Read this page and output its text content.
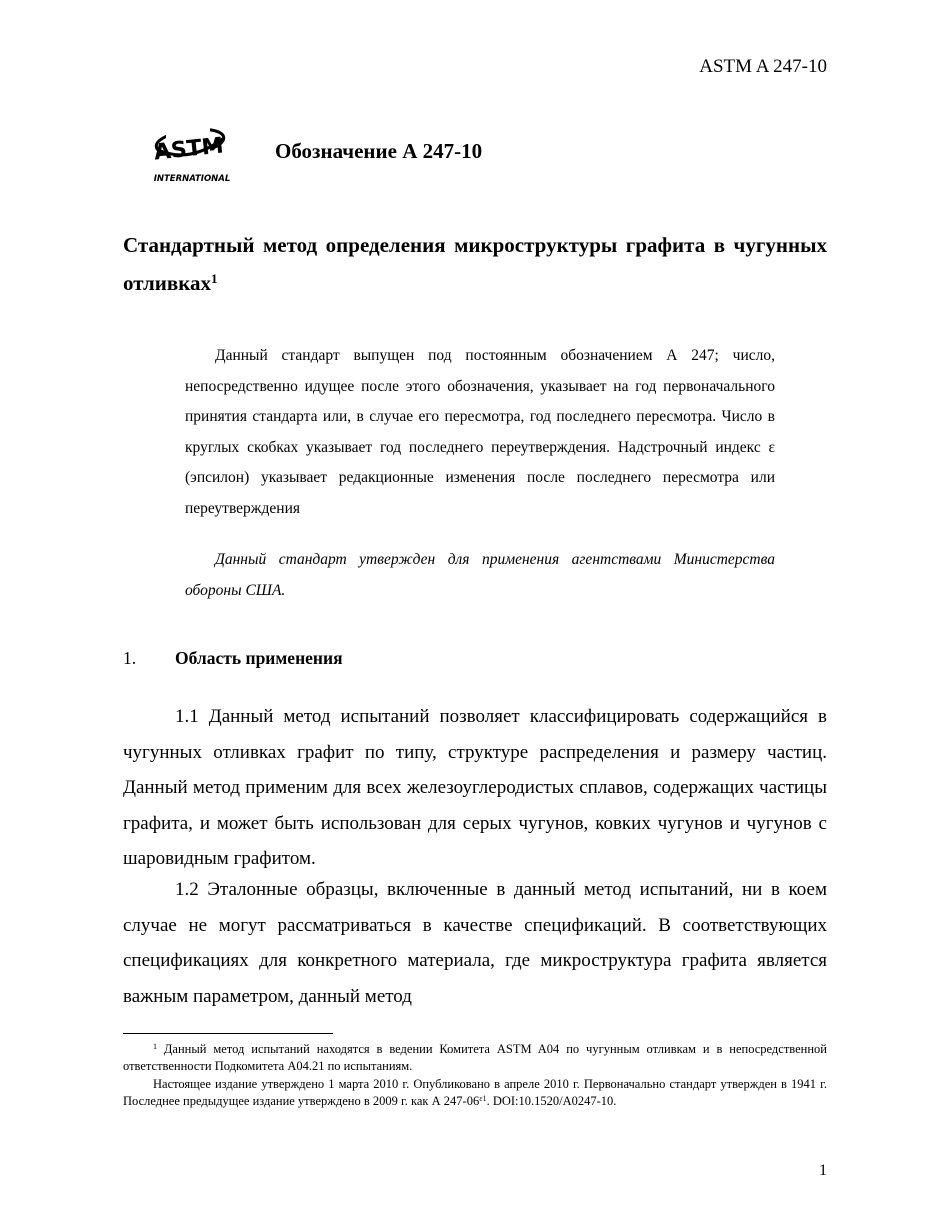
ASTM A 247-10
ASTM
INTERNATIONAL
Обозначение А 247-10
Стандартный метод определения микроструктуры графита в чугунных отливках$^1$
Данный стандарт выпущен под постоянным обозначением А 247; число, непосредственно идущее после этого обозначения, указывает на год первоначального принятия стандарта или, в случае его пересмотра, год последнего пересмотра. Число в круглых скобках указывает год последнего переутверждения. Надстрочный индекс ε (эпсилон) указывает редакционные изменения после последнего пересмотра или переутверждения
Данный стандарт утвержден для применения агентствами Министерства обороны США.
1. Область применения
1.1 Данный метод испытаний позволяет классифицировать содержащийся в чугунных отливках графит по типу, структуре распределения и размеру частиц. Данный метод применим для всех железоуглеродистых сплавов, содержащих частицы графита, и может быть использован для серых чугунов, ковких чугунов и чугунов с шаровидным графитом.
1.2 Эталонные образцы, включенные в данный метод испытаний, ни в коем случае не могут рассматриваться в качестве спецификаций. В соответствующих спецификациях для конкретного материала, где микроструктура графита является важным параметром, данный метод
$^1$ Данный метод испытаний находятся в ведении Комитета ASTM A04 по чугунным отливкам и в непосредственной ответственности Подкомитета A04.21 по испытаниям.
Настоящее издание утверждено 1 марта 2010 г. Опубликовано в апреле 2010 г. Первоначально стандарт утвержден в 1941 г. Последнее предыдущее издание утверждено в 2009 г. как А $247-06^{\varepsilon 1}$. DOI:10.1520/A0247-10.
1
